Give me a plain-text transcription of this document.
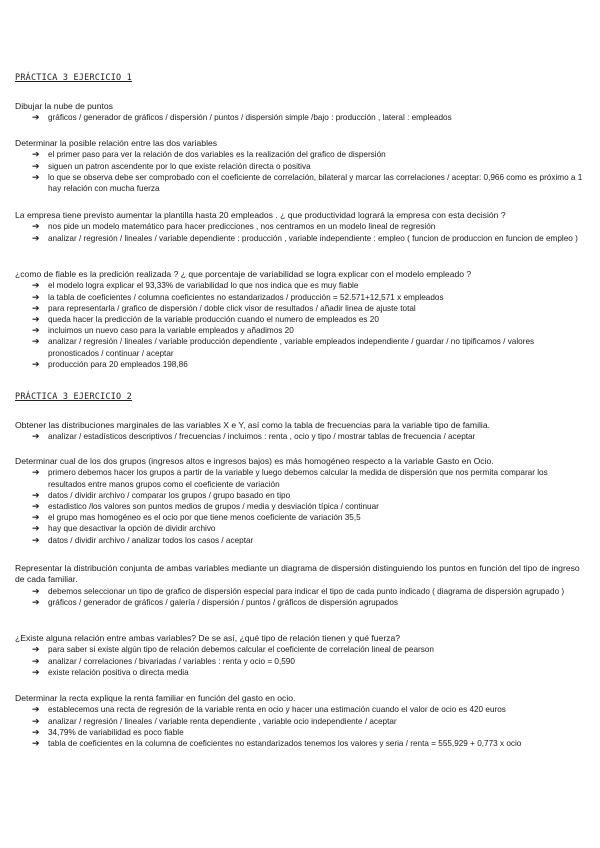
PRÁCTICA 3 EJERCICIO 1

Dibujar la nube de puntos

➔ gráficos / generador de gráficos / dispersión / puntos / dispersión simple /bajo : producción , lateral : empleados

Determinar la posible relación entre las dos variables

➔ el primer paso para ver la relación de dos variables es la realización del grafico de dispersión
➔ siguen un patron ascendente por lo que existe relación directa o positiva
➔ lo que se observa debe ser comprobado con el coeficiente de correlación, bilateral y marcar las correlaciones / aceptar: 0,966 como es próximo a 1 hay relación con mucha fuerza

La empresa tiene previsto aumentar la plantilla hasta 20 empleados . ¿ que productividad logrará la empresa con esta decisión ?

➔ nos pide un modelo matemático para hacer predicciones , nos centramos en un modelo lineal de regresión
➔ analizar / regresión / lineales / variable dependiente : producción , variable independiente : empleo ( funcion de produccion en funcion de empleo )

¿como de fiable es la predición realizada ? ¿ que porcentaje de variabilidad se logra explicar con el modelo empleado ?

➔ el modelo logra explicar el 93,33% de variabilidad lo que nos indica que es muy fiable
➔ la tabla de coeficientes / columna coeficientes no estandarizados / producción = 52.571+12,571 x empleados
➔ para representarla / grafico de dispersión / doble click visor de resultados / añadir linea de ajuste total
➔ queda hacer la predicción de la variable producción cuando el numero de empleados es 20
➔ incluimos un nuevo caso para la variable empleados y añadimos 20
➔ analizar / regresión / lineales / variable producción dependiente , variable empleados independiente / guardar / no tipificamos / valores pronosticados / continuar / aceptar
➔ producción para 20 empleados 198,86
PRÁCTICA 3 EJERCICIO 2

Obtener las distribuciones marginales de las variables X e Y, así como la tabla de frecuencias para la variable tipo de familia.

➔ analizar / estadísticos descriptivos / frecuencias / incluimos : renta , ocio y tipo / mostrar tablas de frecuencia / aceptar

Determinar cual de los dos grupos (ingresos altos e ingresos bajos) es más homogéneo respecto a la variable Gasto en Ocio.

➔ primero debemos hacer los grupos a partir de la variable y luego debemos calcular la medida de dispersión que nos permita comparar los resultados entre manos grupos como el coeficiente de variación
➔ datos / dividir archivo / comparar los grupos / grupo basado en tipo
➔ estadistico /los valores son puntos medios de grupos / media y desviación típica / continuar
➔ el grupo mas homogéneo es el ocio por que tiene menos coeficiente de variación 35,5
➔ hay que desactivar la opción de dividir archivo
➔ datos / dividir archivo / analizar todos los casos / aceptar

Representar la distribución conjunta de ambas variables mediante un diagrama de dispersión distinguiendo los puntos en función del tipo de ingreso de cada familiar.

➔ debemos seleccionar un tipo de grafico de dispersión especial para indicar el tipo de cada punto indicado ( diagrama de dispersión agrupado )
➔ gráficos / generador de gráficos / galería / dispersión / puntos / gráficos de dispersión agrupados

¿Existe alguna relación entre ambas variables? De se así, ¿qué tipo de relación tienen y qué fuerza?

➔ para saber si existe algún tipo de relación debemos calcular el coeficiente de correlación lineal de pearson
➔ analizar / correlaciones / bivariadas / variables : renta y ocio = 0,590
➔ existe relación positiva o directa media

Determinar la recta explique la renta familiar en función del gasto en ocio.

➔ establecemos una recta de regresión de la variable renta en ocio y hacer una estimación cuando el valor de ocio es 420 euros
➔ analizar / regresión / lineales / variable renta dependiente , variable ocio independiente / aceptar
➔ 34,79% de variabilidad es poco fiable
➔ tabla de coeficientes en la columna de coeficientes no estandarizados tenemos los valores y seria / renta = 555,929 + 0,773 x ocio
